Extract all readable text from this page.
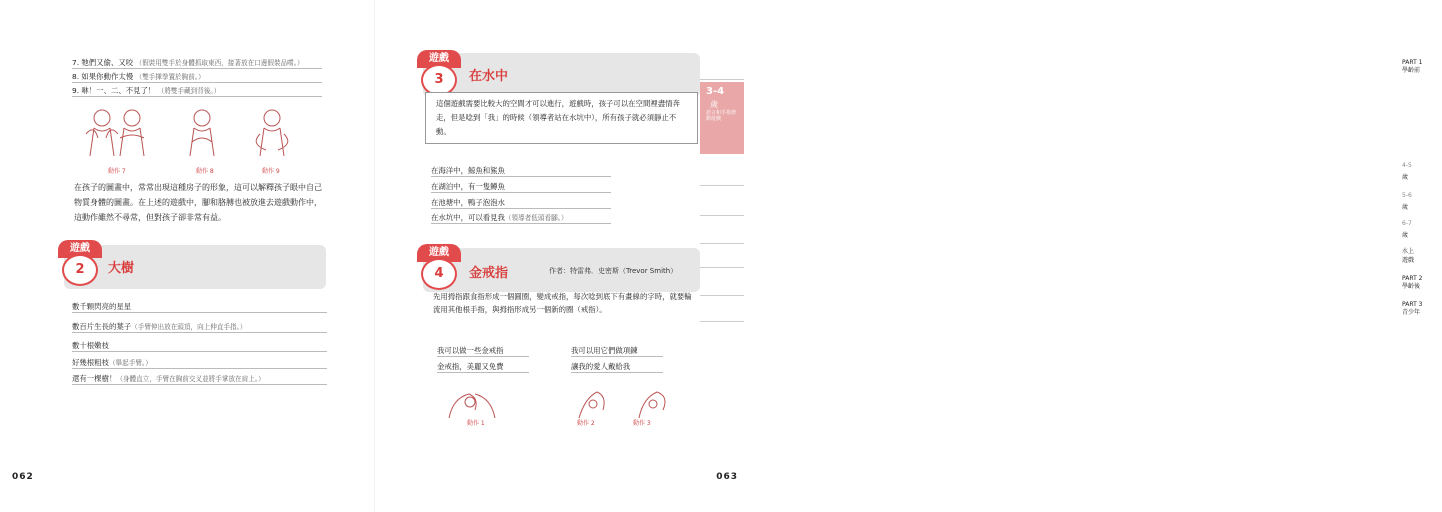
7. 牠們又偷、又咬 （假裝用雙手於身體抓取東西，接著放在口邊假裝品嚐。）
8. 如果你動作太慢 （雙手揮拳置於胸前。）
9. 咻！一、二、不見了！ （將雙手藏到背後。）
動作 7	動作 8	動作 9

在孩子的圖畫中，常常出現這種房子的形象，這可以解釋孩子眼中自己物質身體的圖畫。在上述的遊戲中，腳和胳膊也被放進去遊戲動作中，這動作雖然不尋常，但對孩子卻非常有益。

遊戲
2	大樹
數千顆閃亮的星星
數百片生長的葉子（手臂伸出放在頭頂，向上伸直手指。）
數十根嫩枝
好幾根粗枝（舉起手臂。）
還有一棵樹！（身體直立，手臂在胸前交叉並將手掌放在肩上。）
062
遊戲
3	在水中

這個遊戲需要比較大的空間才可以進行，遊戲時，孩子可以在空間裡盡情奔走，但是唸到「我」的時候（領導者站在水坑中），所有孩子就必須靜止不動。

在海洋中，鯨魚和鯊魚
在湖泊中，有一隻鱒魚
在池塘中，鴨子泡泡水
在水坑中，可以看見我（領導者低頭看腳。）
遊戲
4	金戒指	作者：特雷弗．史密斯（Trevor Smith）

先用拇指跟食指形成一個圓圈，變成戒指，每次唸到底下有畫線的字時，就要輪流用其他根手指，與拇指形成另一個新的圈（戒指）。

我可以做一些金戒指
金戒指，美麗又免費
我可以用它們做項鍊
讓我的愛人戴給我
動作 1	動作 2	動作 3
063
PART 1
學齡前
3-4
歲
語言和手指律動遊戲
4-5
歲
5-6
歲
6-7
歲
水上
遊戲
PART 2
學齡後
PART 3
青少年
